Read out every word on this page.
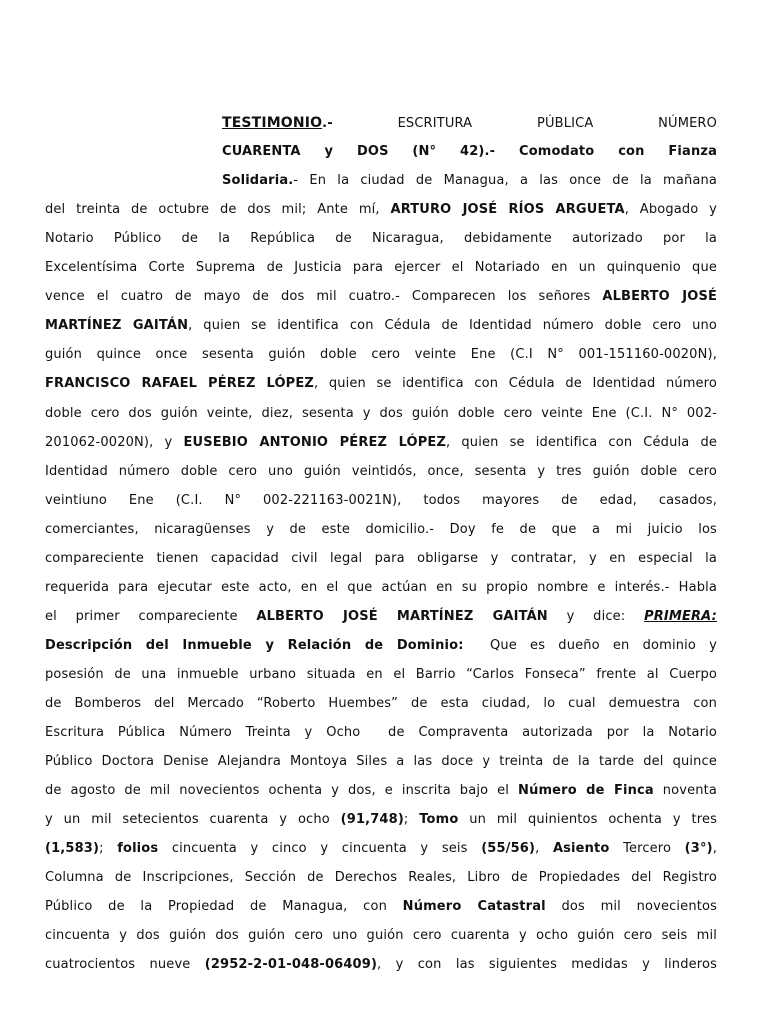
TESTIMONIO.- ESCRITURA PÚBLICA NÚMERO
CUARENTA y DOS (N° 42).- Comodato con Fianza
Solidaria.- En la ciudad de Managua, a las once de la mañana
del treinta de octubre de dos mil; Ante mí, ARTURO JOSÉ RÍOS ARGUETA, Abogado y
Notario Público de la República de Nicaragua, debidamente autorizado por la
Excelentísima Corte Suprema de Justicia para ejercer el Notariado en un quinquenio que
vence el cuatro de mayo de dos mil cuatro.- Comparecen los señores ALBERTO JOSÉ
MARTÍNEZ GAITÁN, quien se identifica con Cédula de Identidad número doble cero uno
guión quince once sesenta guión doble cero veinte Ene (C.I N° 001-151160-0020N),
FRANCISCO RAFAEL PÉREZ LÓPEZ, quien se identifica con Cédula de Identidad número
doble cero dos guión veinte, diez, sesenta y dos guión doble cero veinte Ene (C.I. N° 002-
201062-0020N), y EUSEBIO ANTONIO PÉREZ LÓPEZ, quien se identifica con Cédula de
Identidad número doble cero uno guión veintidós, once, sesenta y tres guión doble cero
veintiuno Ene (C.I. N° 002-221163-0021N), todos mayores de edad, casados,
comerciantes, nicaragüenses y de este domicilio.- Doy fe de que a mi juicio los
compareciente tienen capacidad civil legal para obligarse y contratar, y en especial la
requerida para ejecutar este acto, en el que actúan en su propio nombre e interés.- Habla
el primer compareciente ALBERTO JOSÉ MARTÍNEZ GAITÁN y dice: PRIMERA:
Descripción del Inmueble y Relación de Dominio:  Que es dueño en dominio y
posesión de una inmueble urbano situada en el Barrio “Carlos Fonseca” frente al Cuerpo
de Bomberos del Mercado “Roberto Huembes” de esta ciudad, lo cual demuestra con
Escritura Pública Número Treinta y Ocho  de Compraventa autorizada por la Notario
Público Doctora Denise Alejandra Montoya Siles a las doce y treinta de la tarde del quince
de agosto de mil novecientos ochenta y dos, e inscrita bajo el Número de Finca noventa
y un mil setecientos cuarenta y ocho (91,748); Tomo un mil quinientos ochenta y tres
(1,583); folios cincuenta y cinco y cincuenta y seis (55/56), Asiento Tercero (3°),
Columna de Inscripciones, Sección de Derechos Reales, Libro de Propiedades del Registro
Público de la Propiedad de Managua, con Número Catastral dos mil novecientos
cincuenta y dos guión dos guión cero uno guión cero cuarenta y ocho guión cero seis mil
cuatrocientos nueve (2952-2-01-048-06409), y con las siguientes medidas y linderos
